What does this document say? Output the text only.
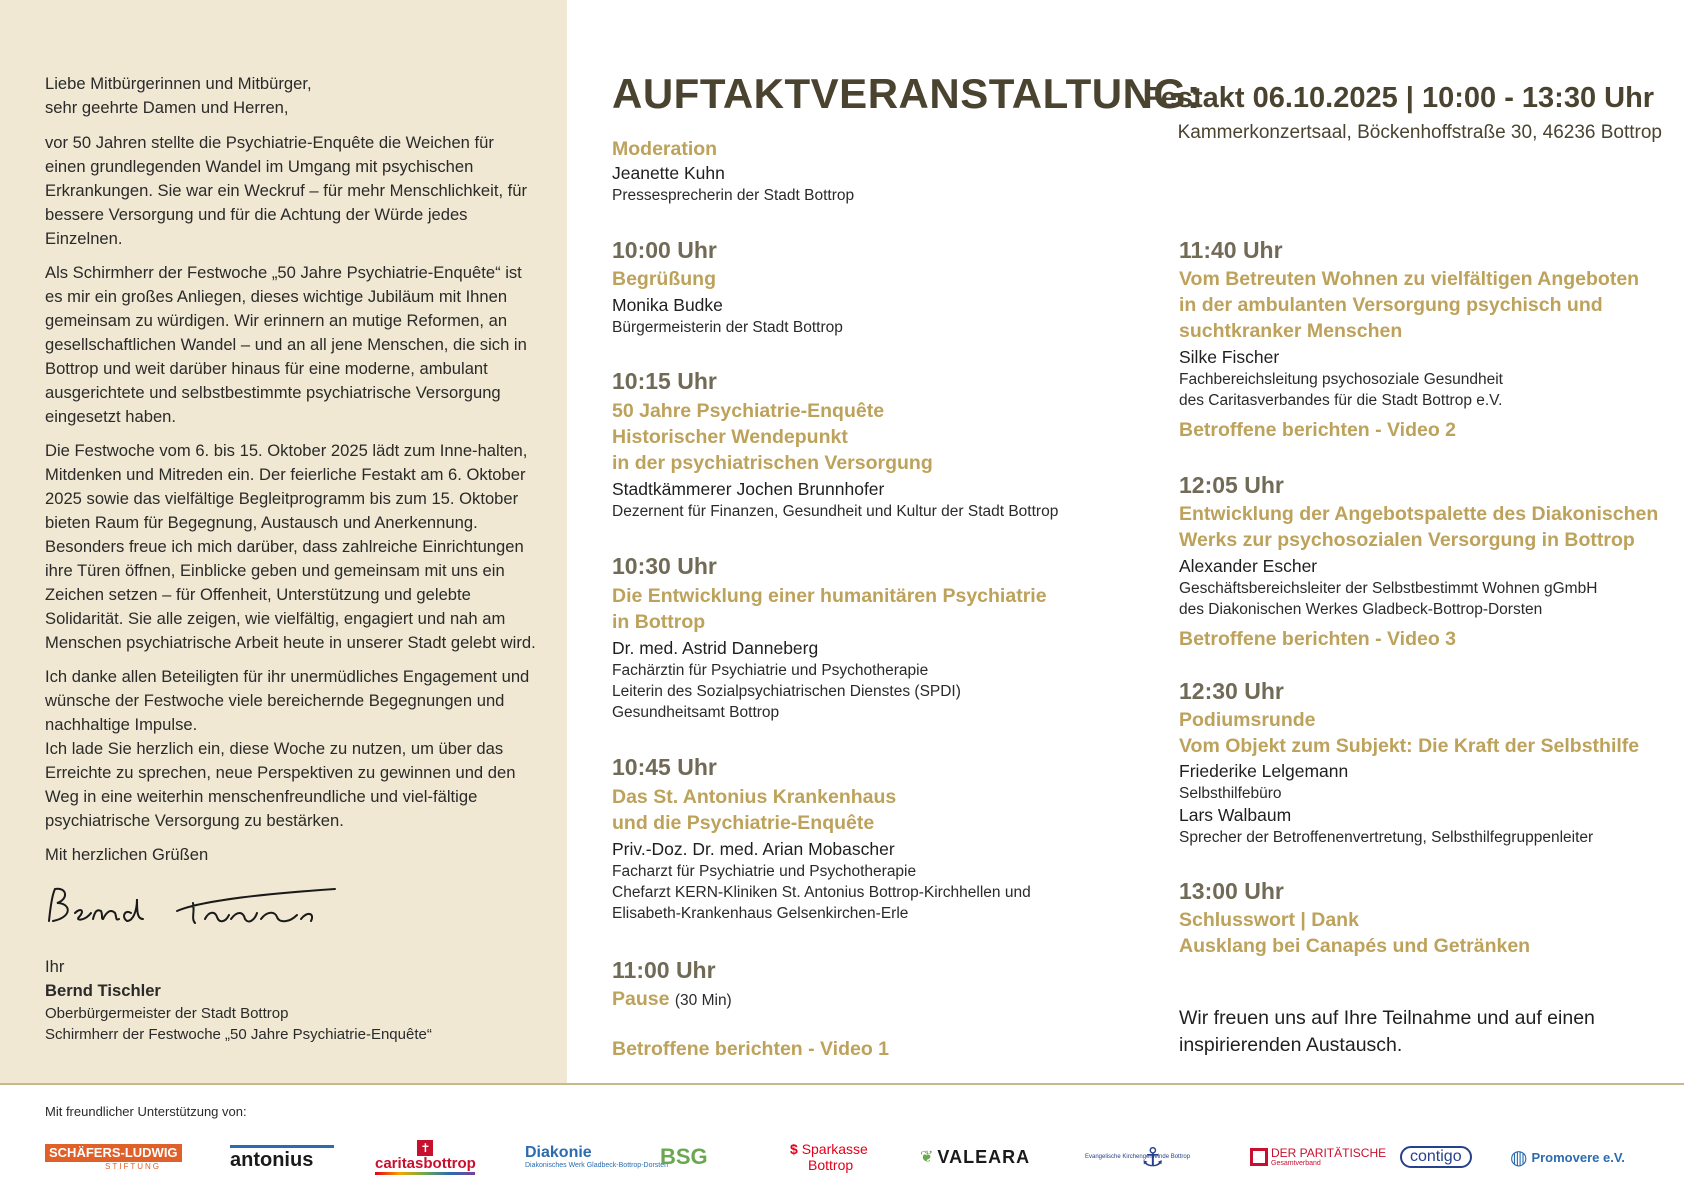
Liebe Mitbürgerinnen und Mitbürger,
sehr geehrte Damen und Herren,

vor 50 Jahren stellte die Psychiatrie-Enquête die Weichen für einen grundlegenden Wandel im Umgang mit psychischen Erkrankungen. Sie war ein Weckruf – für mehr Menschlichkeit, für bessere Versorgung und für die Achtung der Würde jedes Einzelnen.

Als Schirmherr der Festwoche „50 Jahre Psychiatrie-Enquête“ ist es mir ein großes Anliegen, dieses wichtige Jubiläum mit Ihnen gemeinsam zu würdigen. Wir erinnern an mutige Reformen, an gesellschaftlichen Wandel – und an all jene Menschen, die sich in Bottrop und weit darüber hinaus für eine moderne, ambulant ausgerichtete und selbstbestimmte psychiatrische Versorgung eingesetzt haben.

Die Festwoche vom 6. bis 15. Oktober 2025 lädt zum Inne-halten, Mitdenken und Mitreden ein. Der feierliche Festakt am 6. Oktober 2025 sowie das vielfältige Begleitprogramm bis zum 15. Oktober bieten Raum für Begegnung, Austausch und Anerkennung. Besonders freue ich mich darüber, dass zahlreiche Einrichtungen ihre Türen öffnen, Einblicke geben und gemeinsam mit uns ein Zeichen setzen – für Offenheit, Unterstützung und gelebte Solidarität. Sie alle zeigen, wie vielfältig, engagiert und nah am Menschen psychiatrische Arbeit heute in unserer Stadt gelebt wird.

Ich danke allen Beteiligten für ihr unermüdliches Engagement und wünsche der Festwoche viele bereichernde Begegnungen und nachhaltige Impulse.

Ich lade Sie herzlich ein, diese Woche zu nutzen, um über das Erreichte zu sprechen, neue Perspektiven zu gewinnen und den Weg in eine weiterhin menschenfreundliche und viel-fältige psychiatrische Versorgung zu bestärken.

Mit herzlichen Grüßen
Ihr
Bernd Tischler
Oberbürgermeister der Stadt Bottrop
Schirmherr der Festwoche „50 Jahre Psychiatrie-Enquête“
AUFTAKTVERANSTALTUNG:
Festakt 06.10.2025 | 10:00 - 13:30 Uhr
Kammerkonzertsaal, Böckenhoffstraße 30, 46236 Bottrop
Moderation
Jeanette Kuhn
Pressesprecherin der Stadt Bottrop
10:00 Uhr
Begrüßung
Monika Budke
Bürgermeisterin der Stadt Bottrop
10:15 Uhr
50 Jahre Psychiatrie-Enquête
Historischer Wendepunkt
in der psychiatrischen Versorgung
Stadtkämmerer Jochen Brunnhofer
Dezernent für Finanzen, Gesundheit und Kultur der Stadt Bottrop
10:30 Uhr
Die Entwicklung einer humanitären Psychiatrie
in Bottrop
Dr. med. Astrid Danneberg
Fachärztin für Psychiatrie und Psychotherapie
Leiterin des Sozialpsychiatrischen Dienstes (SPDI)
Gesundheitsamt Bottrop
10:45 Uhr
Das St. Antonius Krankenhaus
und die Psychiatrie-Enquête
Priv.-Doz. Dr. med. Arian Mobascher
Facharzt für Psychiatrie und Psychotherapie
Chefarzt KERN-Kliniken St. Antonius Bottrop-Kirchhellen und
Elisabeth-Krankenhaus Gelsenkirchen-Erle
11:00 Uhr
Pause (30 Min)
Betroffene berichten - Video 1
11:40 Uhr
Vom Betreuten Wohnen zu vielfältigen Angeboten
in der ambulanten Versorgung psychisch und
suchtkranker Menschen
Silke Fischer
Fachbereichsleitung psychosoziale Gesundheit
des Caritasverbandes für die Stadt Bottrop e.V.
Betroffene berichten - Video 2
12:05 Uhr
Entwicklung der Angebotspalette des Diakonischen
Werks zur psychosozialen Versorgung in Bottrop
Alexander Escher
Geschäftsbereichsleiter der Selbstbestimmt Wohnen gGmbH
des Diakonischen Werkes Gladbeck-Bottrop-Dorsten
Betroffene berichten - Video 3
12:30 Uhr
Podiumsrunde
Vom Objekt zum Subjekt: Die Kraft der Selbsthilfe
Friederike Lelgemann
Selbsthilfebüro
Lars Walbaum
Sprecher der Betroffenenvertretung, Selbsthilfegruppenleiter
13:00 Uhr
Schlusswort | Dank
Ausklang bei Canapés und Getränken
Wir freuen uns auf Ihre Teilnahme und auf einen
inspirierenden Austausch.
Mit freundlicher Unterstützung von:
SCHÄFERS-LUDWIG
STIFTUNG	antonius
✝
caritasbottrop
Diakonie
Diakonisches Werk Gladbeck-Bottrop-Dorsten
BSG	$ Sparkasse
Bottrop	❦ VALEARA	Evangelische Kirchengemeinde Bottrop
⚓	DER PARITÄTISCHE
Gesamtverband	contigo	◍ Promovere e.V.
